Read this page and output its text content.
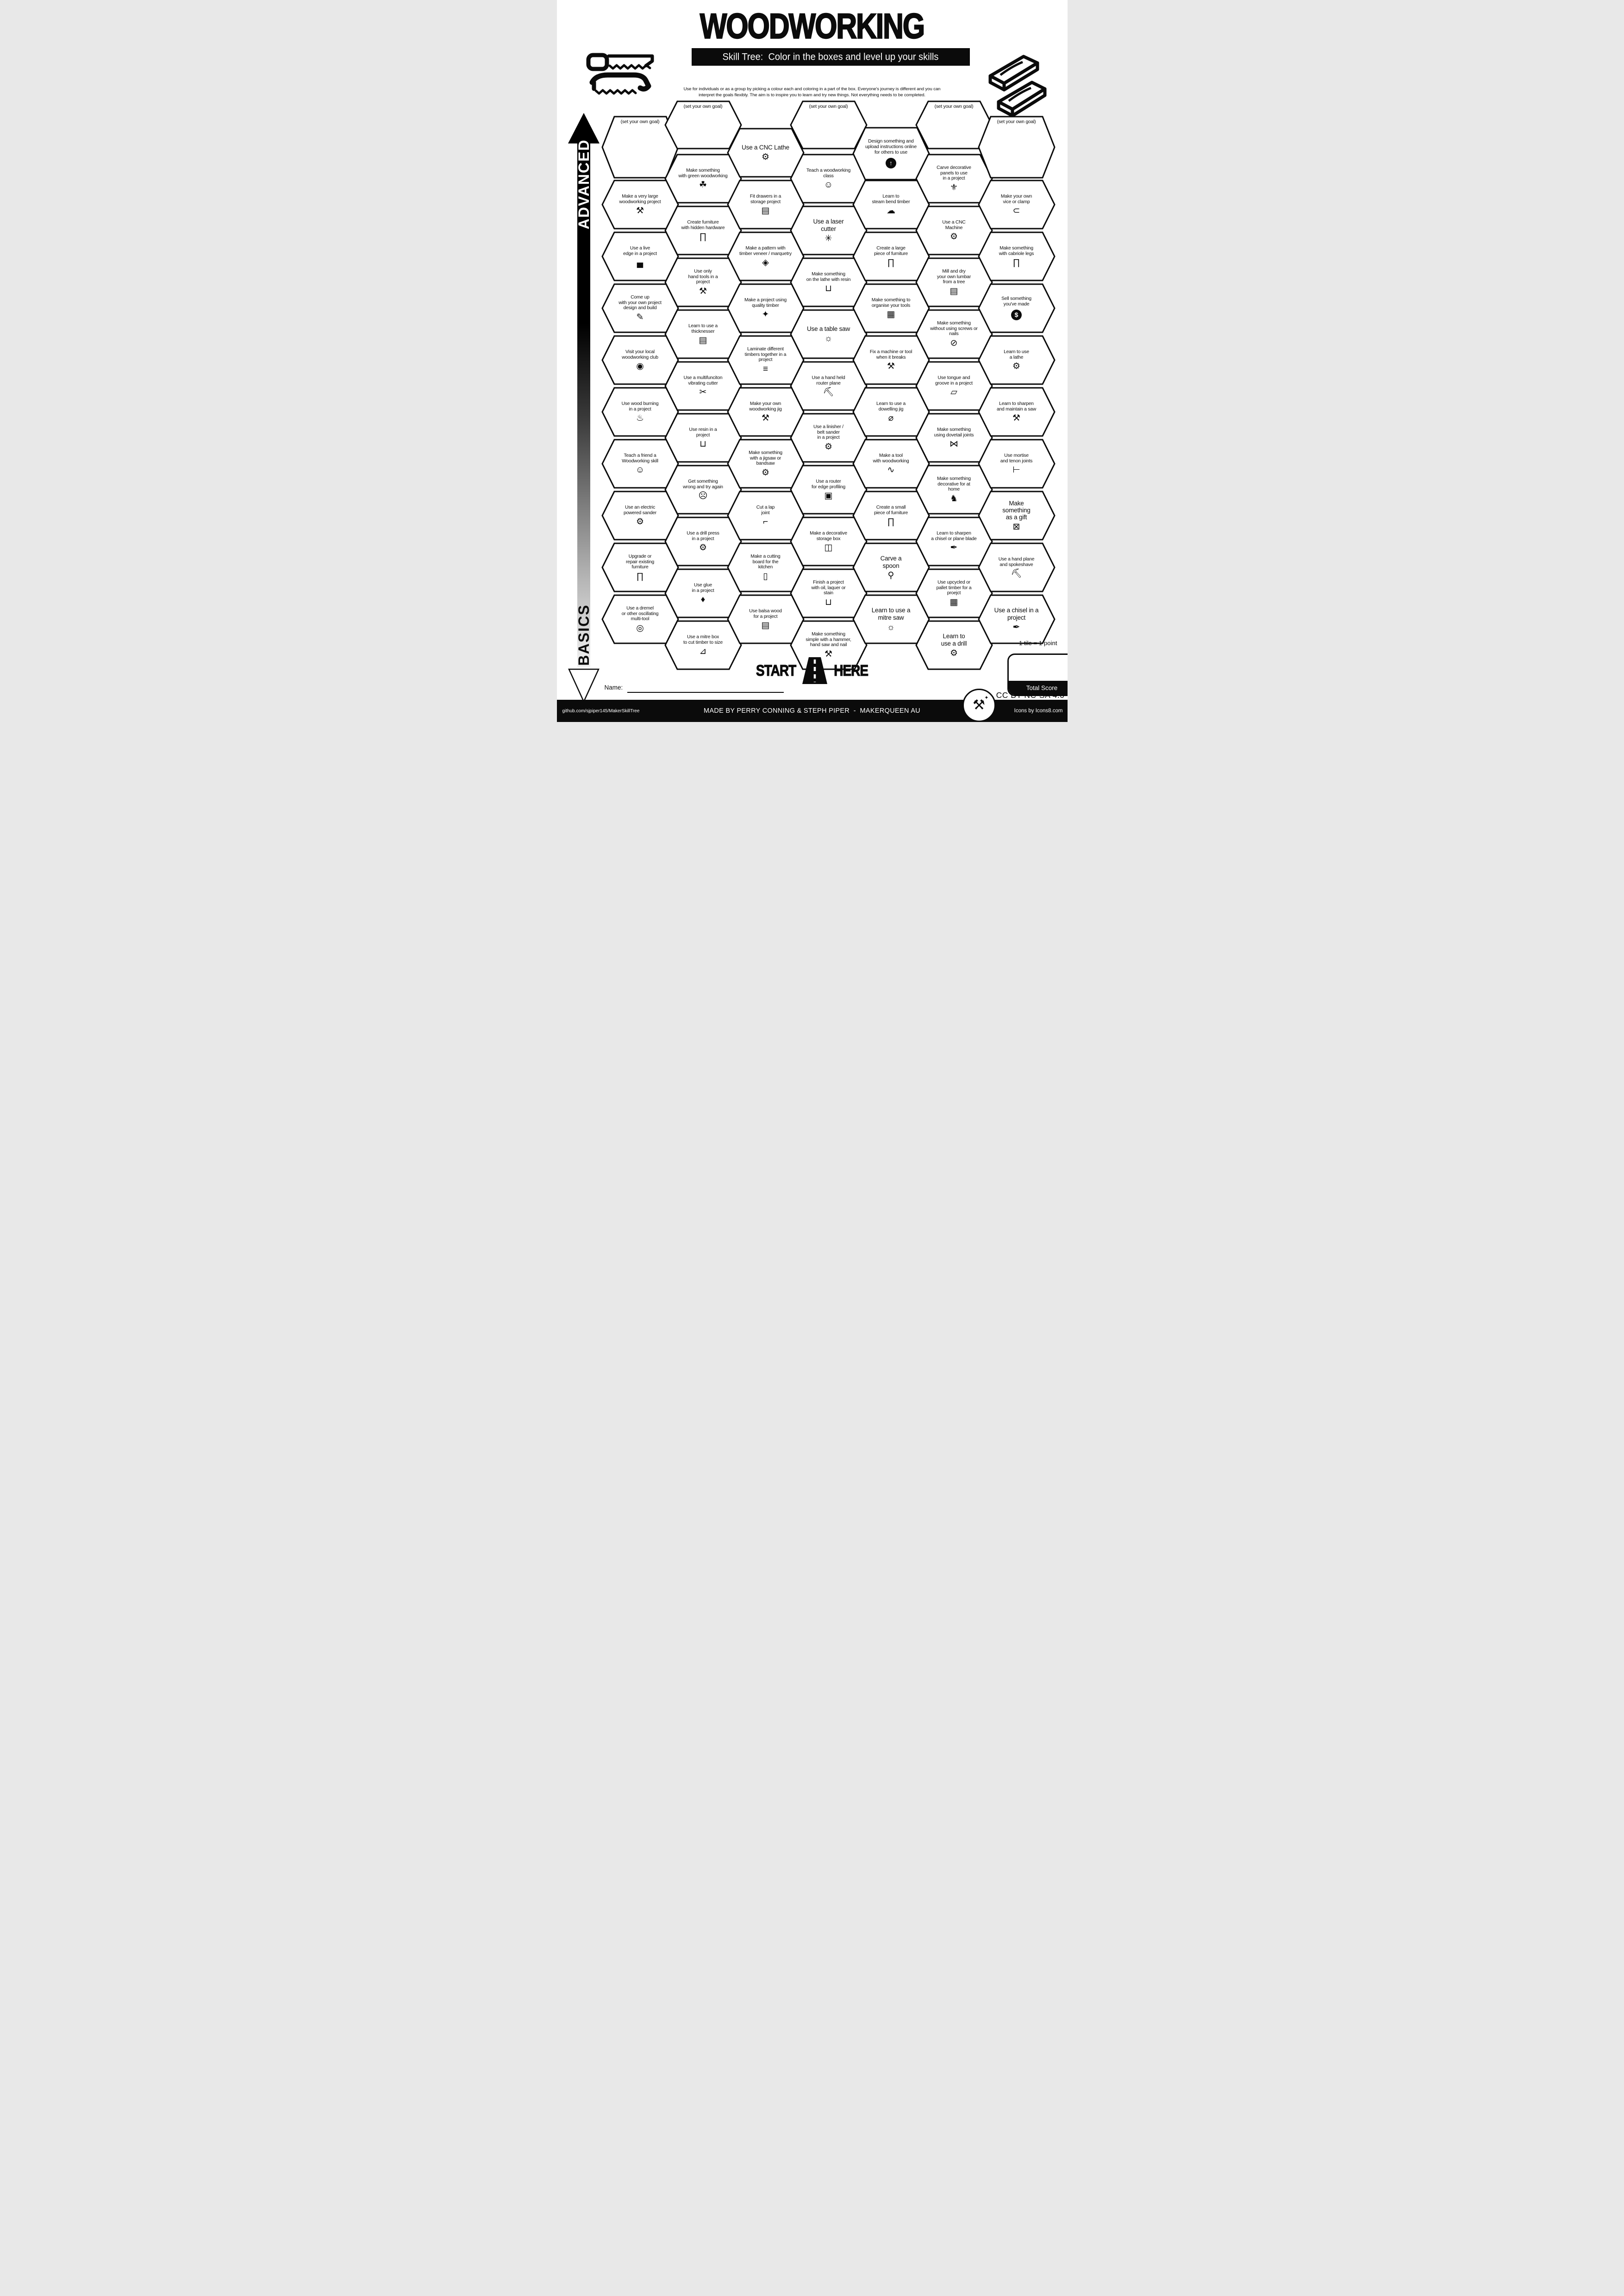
WOODWORKING
Skill Tree:  Color in the boxes and level up your skills
Use for individuals or as a group by picking a colour each and coloring in a part of the box. Everyone's journey is different and you can
interpret the goals flexibly. The aim is to inspire you to learn and try new things. Not everything needs to be completed.
ADVANCED
BASICS
(set your own goal)
Make a very large
woodworking project
⚒
Use a live
edge in a project
▄
Come up
with your own project
design and build
✎
Visit your local
woodworking club
◉
Use wood burning
in a project
♨
Teach a friend a
Woodworking skill
☺
Use an electric
powered sander
⚙
Upgrade or
repair existing
furniture
∏
Use a dremel
or other oscillating
multi-tool
◎
(set your own goal)
Make something
with green woodworking
☘
Create furniture
with hidden hardware
∏
Use only
hand tools in a
project
⚒
Learn to use a
thicknesser
▤
Use a multifunciton
vibrating cutter
✂
Use resin in a
project
⊔
Get something
wrong and try again
☹
Use a drill press
in a project
⚙
Use glue
in a project
♦
Use a mitre box
to cut timber to size
⊿
Use a CNC Lathe
⚙
Fit drawers in a
storage project
▤
Make a pattern with
timber veneer / marquetry
◈
Make a project using
quality timber
✦
Laminate different
timbers together in a
project
≡
Make your own
woodworking jig
⚒
Make something
with a jigsaw or
bandsaw
⚙
Cut a lap
joint
⌐
Make a cutting
board for the
kitchen
▯
Use balsa wood
for a project
▤
(set your own goal)
Teach a woodworking
class
☺
Use a laser
cutter
✳
Make something
on the lathe with resin
⊔
Use a table saw
☼
Use a hand held
router plane
⛏
Use a linisher /
belt sander
in a project
⚙
Use a router
for edge profiling
▣
Make a decorative
storage box
◫
Finish a project
with oil, laquer or
stain
⊔
Make something
simple with a hammer,
hand saw and nail
⚒
Design something and
upload instructions online
for others to use
↑
Learn to
steam bend timber
☁
Create a large
piece of furniture
∏
Make something to
organise your tools
▦
Fix a machine or tool
when it breaks
⚒
Learn to use a
dowelling jig
⌀
Make a tool
with woodworking
∿
Create a small
piece of furniture
∏
Carve a
spoon
⚲
Learn to use a
mitre saw
☼
(set your own goal)
Carve decorative
panels to use
in a project
⚜
Use a CNC
Machine
⚙
Mill and dry
your own lumbar
from a tree
▤
Make something
without using screws or
nails
⊘
Use tongue and
groove in a project
▱
Make something
using dovetail joints
⋈
Make something
decorative for at
home
♞
Learn to sharpen
a chisel or plane blade
✒
Use upcycled or
pallet timber for a
proejct
▦
Learn to
use a drill
⚙
(set your own goal)
Make your own
vice or clamp
⊂
Make something
with cabriole legs
∏
Sell something
you've made
$
Learn to use
a lathe
⚙
Learn to sharpen
and maintain a saw
⚒
Use mortise
and tenon joints
⊢
Make
something
as a gift
⊠
Use a hand plane
and spokeshave
⛏
Use a chisel in a
project
✒
START	HERE
Name:
1 tile = 1 point
Total Score
⚒
✦ CC BY-NC-SA 4.0
github.com/sjpiper145/MakerSkillTree	MADE BY PERRY CONNING & STEPH PIPER  -  MAKERQUEEN AU	Icons by Icons8.com
